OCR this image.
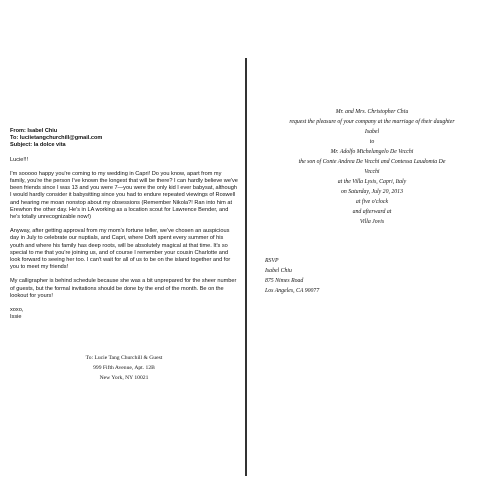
From: Isabel Chiu
To: luciietangchurchill@gmail.com
Subject: la dolce vita

Lucie!!!

I'm sooooo happy you're coming to my wedding in Capri! Do you know, apart from my family, you're the person I've known the longest that will be there? I can hardly believe we've been friends since I was 13 and you were 7—you were the only kid I ever babysat, although I would hardly consider it babysitting since you had to endure repeated viewings of Roswell and hearing me moan nonstop about my obsessions (Remember Nikola?! Ran into him at Erewhon the other day. He's in LA working as a location scout for Lawrence Bender, and he's totally unrecognizable now!)

Anyway, after getting approval from my mom's fortune teller, we've chosen an auspicious day in July to celebrate our nuptials, and Capri, where Dolfi spent every summer of his youth and where his family has deep roots, will be absolutely magical at that time. It's so special to me that you're joining us, and of course I remember your cousin Charlotte and look forward to seeing her too. I can't wait for all of us to be on the island together and for you to meet my friends!

My calligrapher is behind schedule because she was a bit unprepared for the sheer number of guests, but the formal invitations should be done by the end of the month. Be on the lookout for yours!

xoxo,
Issie
To: Lucie Tang Churchill & Guest
999 Fifth Avenue, Apt. 12B
New York, NY 10021
Mr. and Mrs. Christopher Chiu
request the pleasure of your company at the marriage of their daughter
Isabel
to
Mr. Adolfo Michelangelo De Vecchi
the son of Conte Andrea De Vecchi and Contessa Laudomia De
Vecchi
at the Villa Lysis, Capri, Italy
on Saturday, July 20, 2013
at five o'clock
and afterward at
Villa Jovis
RSVP
Isabel Chiu
875 Nimes Road
Los Angeles, CA 90077
